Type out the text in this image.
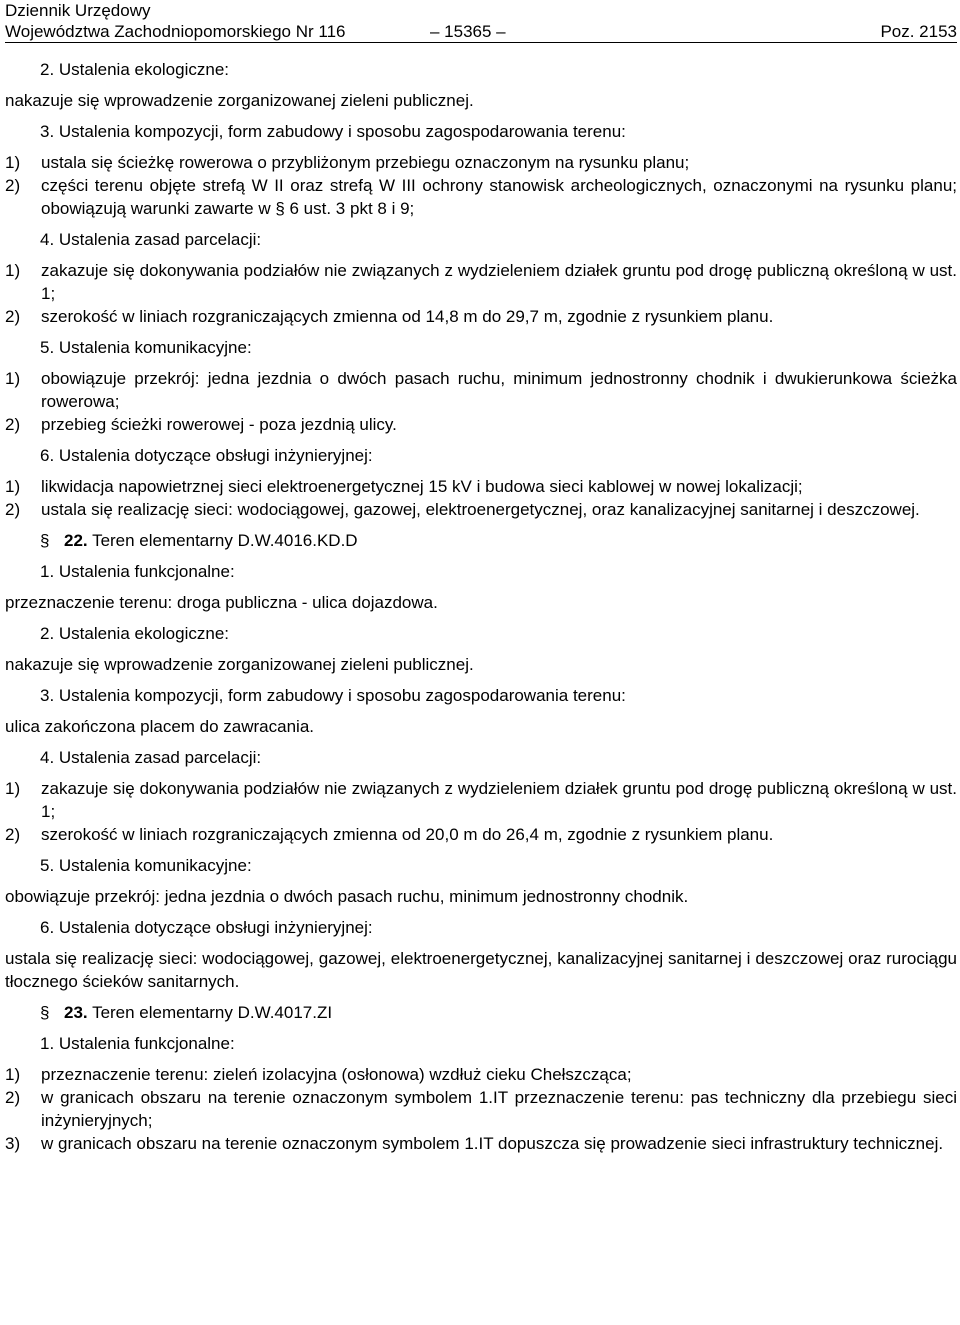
Dziennik Urzędowy
Województwa Zachodniopomorskiego Nr 116	– 15365 –	Poz. 2153

2. Ustalenia ekologiczne:

nakazuje się wprowadzenie zorganizowanej zieleni publicznej.

3. Ustalenia kompozycji, form zabudowy i sposobu zagospodarowania terenu:

1) ustala się ścieżkę rowerowa o przybliżonym przebiegu oznaczonym na rysunku planu;
2) części terenu objęte strefą W II oraz strefą W III ochrony stanowisk archeologicznych, oznaczonymi na rysunku planu; obowiązują warunki zawarte w § 6 ust. 3 pkt 8 i 9;

4. Ustalenia zasad parcelacji:

1) zakazuje się dokonywania podziałów nie związanych z wydzieleniem działek gruntu pod drogę publiczną określoną w ust. 1;
2) szerokość w liniach rozgraniczających zmienna od 14,8 m do 29,7 m, zgodnie z rysunkiem planu.

5. Ustalenia komunikacyjne:

1) obowiązuje przekrój: jedna jezdnia o dwóch pasach ruchu, minimum jednostronny chodnik i dwukierunkowa ścieżka rowerowa;
2) przebieg ścieżki rowerowej - poza jezdnią ulicy.

6. Ustalenia dotyczące obsługi inżynieryjnej:

1) likwidacja napowietrznej sieci elektroenergetycznej 15 kV i budowa sieci kablowej w nowej lokalizacji;
2) ustala się realizację sieci: wodociągowej, gazowej, elektroenergetycznej, oraz kanalizacyjnej sanitarnej i deszczowej.

§ 22. Teren elementarny D.W.4016.KD.D

1. Ustalenia funkcjonalne:

przeznaczenie terenu: droga publiczna - ulica dojazdowa.

2. Ustalenia ekologiczne:

nakazuje się wprowadzenie zorganizowanej zieleni publicznej.

3. Ustalenia kompozycji, form zabudowy i sposobu zagospodarowania terenu:

ulica zakończona placem do zawracania.

4. Ustalenia zasad parcelacji:

1) zakazuje się dokonywania podziałów nie związanych z wydzieleniem działek gruntu pod drogę publiczną określoną w ust. 1;
2) szerokość w liniach rozgraniczających zmienna od 20,0 m do 26,4 m, zgodnie z rysunkiem planu.

5. Ustalenia komunikacyjne:

obowiązuje przekrój: jedna jezdnia o dwóch pasach ruchu, minimum jednostronny chodnik.

6. Ustalenia dotyczące obsługi inżynieryjnej:

ustala się realizację sieci: wodociągowej, gazowej, elektroenergetycznej, kanalizacyjnej sanitarnej i deszczowej oraz rurociągu tłocznego ścieków sanitarnych.

§ 23. Teren elementarny D.W.4017.ZI

1. Ustalenia funkcjonalne:

1) przeznaczenie terenu: zieleń izolacyjna (osłonowa) wzdłuż cieku Chełszcząca;
2) w granicach obszaru na terenie oznaczonym symbolem 1.IT przeznaczenie terenu: pas techniczny dla przebiegu sieci inżynieryjnych;
3) w granicach obszaru na terenie oznaczonym symbolem 1.IT dopuszcza się prowadzenie sieci infrastruktury technicznej.
